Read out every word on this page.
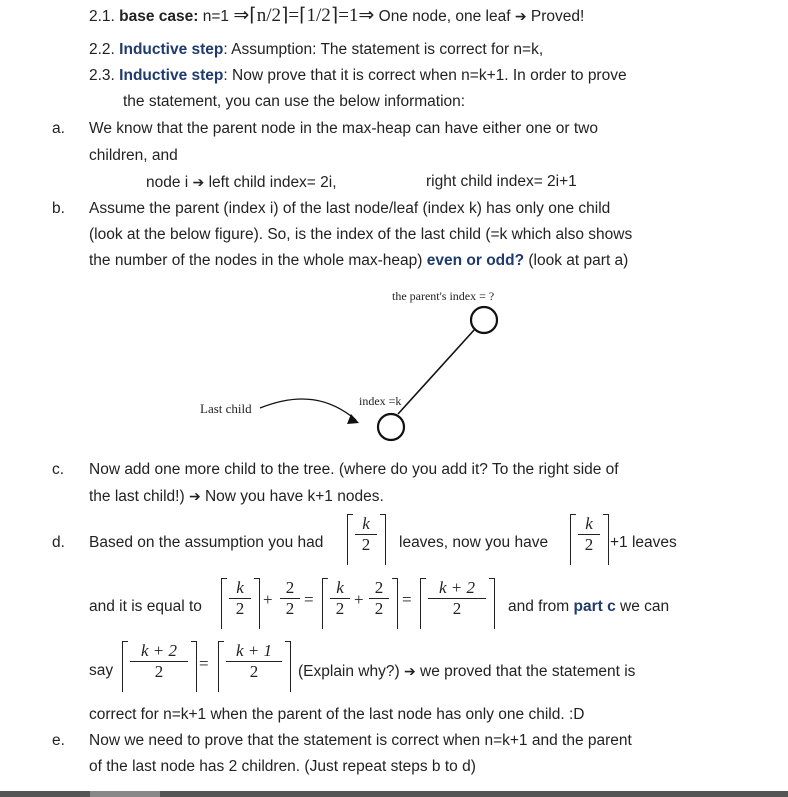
2.1. base case: n=1 ⇒⌈n/2⌉=⌈1/2⌉=1⇒ One node, one leaf ➔ Proved!
2.2. Inductive step: Assumption: The statement is correct for n=k,
2.3. Inductive step: Now prove that it is correct when n=k+1. In order to prove
the statement, you can use the below information:
a. We know that the parent node in the max-heap can have either one or two
children, and
node i ➔ left child index= 2i,	right child index= 2i+1
b. Assume the parent (index i) of the last node/leaf (index k) has only one child
(look at the below figure). So, is the index of the last child (=k which also shows
the number of the nodes in the whole max-heap) even or odd? (look at part a)
the parent's index = ?
index =k
Last child
c. Now add one more child to the tree. (where do you add it? To the right side of
the last child!) ➔ Now you have k+1 nodes.
d. Based on the assumption you had
k
2	leaves, now you have
k
2	+1 leaves
and it is equal to
k
2	+
2
2 =
k
2 +
2
2	=
k + 2
2	and from part c we can
say
k + 2
2	=
k + 1
2	(Explain why?) ➔ we proved that the statement is
correct for n=k+1 when the parent of the last node has only one child. :D
e. Now we need to prove that the statement is correct when n=k+1 and the parent
of the last node has 2 children. (Just repeat steps b to d)
